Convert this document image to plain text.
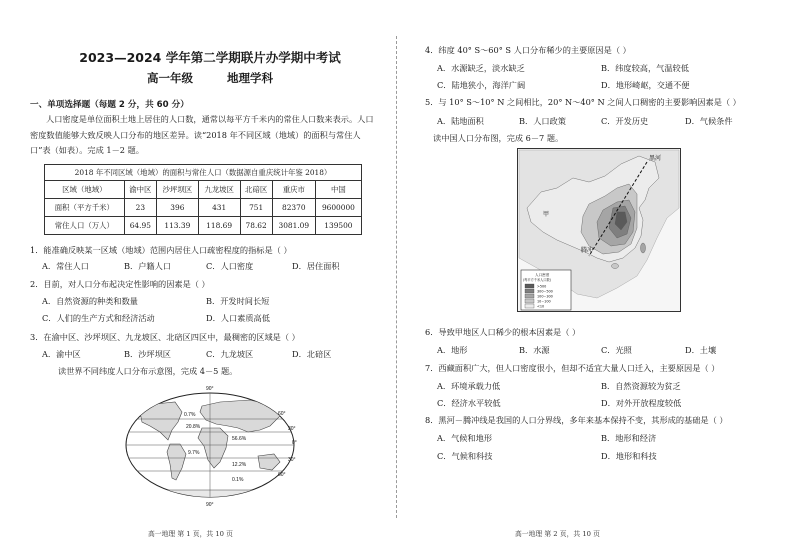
2023—2024 学年第二学期联片办学期中考试
高一年级 地理学科
一、单项选择题（每题 2 分，共 60 分）
人口密度是单位面积土地上居住的人口数，通常以每平方千米内的常住人口数来表示。人口密度数值能够大致反映人口分布的地区差异。读“2018 年不同区域（地域）的面积与常住人口”表（如表）。完成 1－2 题。
2018 年不同区域（地域）的面积与常住人口（数据源自重庆统计年鉴 2018）						
区域（地域）	渝中区	沙坪坝区	九龙坡区	北碚区	重庆市	中国
面积（平方千米）	23	396	431	751	82370	9600000
常住人口（万人）	64.95	113.39	118.69	78.62	3081.09	139500
1．能准确反映某一区域（地域）范围内居住人口疏密程度的指标是（ ）
A．常住人口	B．户籍人口	C．人口密度	D．居住面积
2．目前，对人口分布起决定性影响的因素是（ ）
A．自然资源的种类和数量	B．开发时间长短
C．人们的生产方式和经济活动	D．人口素质高低
3．在渝中区、沙坪坝区、九龙坡区、北碚区四区中，最稠密的区域是（ ）
A．渝中区	B．沙坪坝区	C．九龙坡区	D．北碚区
读世界不同纬度人口分布示意图，完成 4－5 题。
90°
60°
30°
0°
30°
60°
90°
0.7%
20.8%
56.6%
9.7%
12.2%
0.1%
高一地理 第 1 页，共 10 页
4．纬度 40° S～60° S 人口分布稀少的主要原因是（ ）
A．水源缺乏，淡水缺乏	B．纬度较高，气温较低
C．陆地狭小，海洋广阔	D．地形崎岖，交通不便
5．与 10° S～10° N 之间相比，20° N～40° N 之间人口稠密的主要影响因素是（ ）
A．陆地面积	B．人口政策	C．开发历史	D．气候条件
读中国人口分布图，完成 6－7 题。
黑河
甲
腾冲
人口密度
(每平方千米人口数)
>500
300~500
100~300
10~100
<10
6．导致甲地区人口稀少的根本因素是（ ）
A．地形	B．水源	C．光照	D．土壤
7．西藏面积广大，但人口密度很小，但却不适宜大量人口迁入，主要原因是（ ）
A．环境承载力低	B．自然资源较为贫乏
C．经济水平较低	D．对外开放程度较低
8．黑河－腾冲线是我国的人口分界线，多年来基本保持不变，其形成的基础是（ ）
A．气候和地形	B．地形和经济
C．气候和科技	D．地形和科技
高一地理 第 2 页，共 10 页
